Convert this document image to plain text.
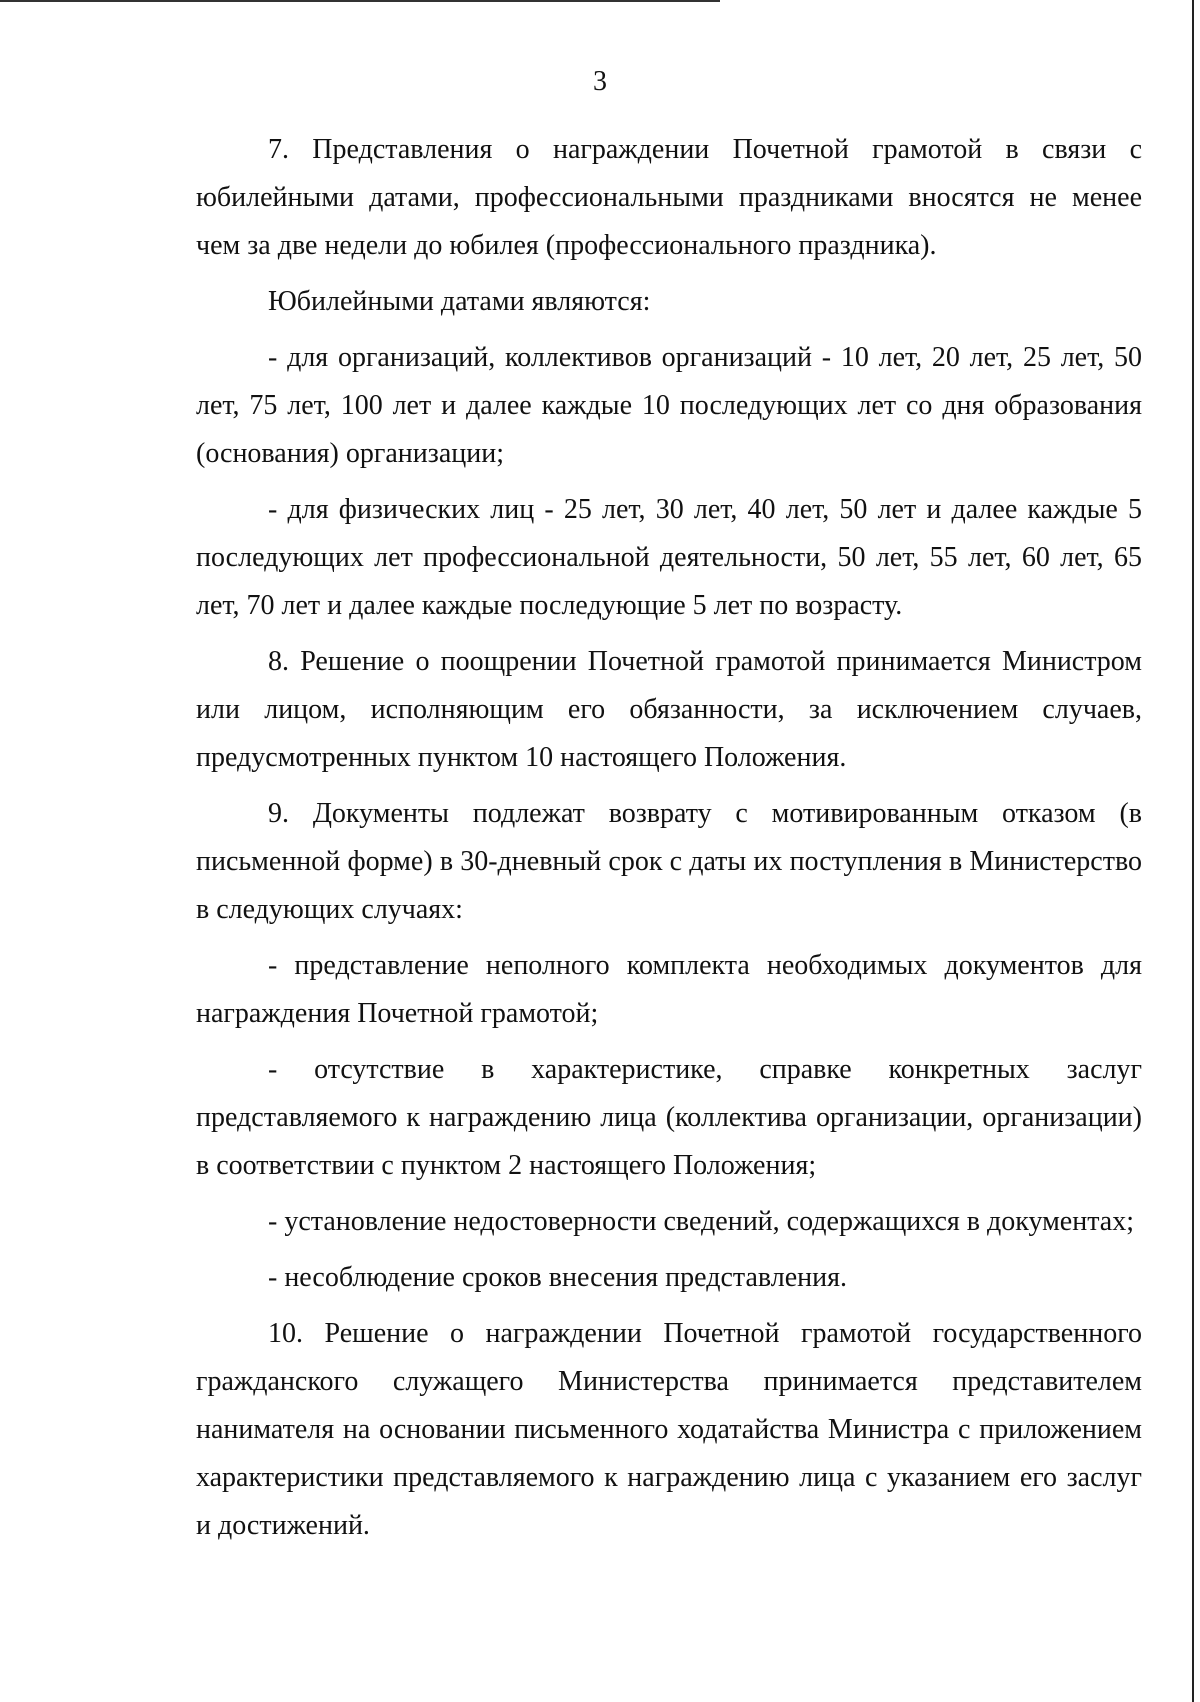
3

7. Представления о награждении Почетной грамотой в связи с юбилейными датами, профессиональными праздниками вносятся не менее чем за две недели до юбилея (профессионального праздника).

Юбилейными датами являются:

- для организаций, коллективов организаций - 10 лет, 20 лет, 25 лет, 50 лет, 75 лет, 100 лет и далее каждые 10 последующих лет со дня образования (основания) организации;

- для физических лиц - 25 лет, 30 лет, 40 лет, 50 лет и далее каждые 5 последующих лет профессиональной деятельности, 50 лет, 55 лет, 60 лет, 65 лет, 70 лет и далее каждые последующие 5 лет по возрасту.

8. Решение о поощрении Почетной грамотой принимается Министром или лицом, исполняющим его обязанности, за исключением случаев, предусмотренных пунктом 10 настоящего Положения.

9. Документы подлежат возврату с мотивированным отказом (в письменной форме) в 30-дневный срок с даты их поступления в Министерство в следующих случаях:

- представление неполного комплекта необходимых документов для награждения Почетной грамотой;

- отсутствие в характеристике, справке конкретных заслуг представляемого к награждению лица (коллектива организации, организации) в соответствии с пунктом 2 настоящего Положения;

- установление недостоверности сведений, содержащихся в документах;

- несоблюдение сроков внесения представления.

10. Решение о награждении Почетной грамотой государственного гражданского служащего Министерства принимается представителем нанимателя на основании письменного ходатайства Министра с приложением характеристики представляемого к награждению лица с указанием его заслуг и достижений.
